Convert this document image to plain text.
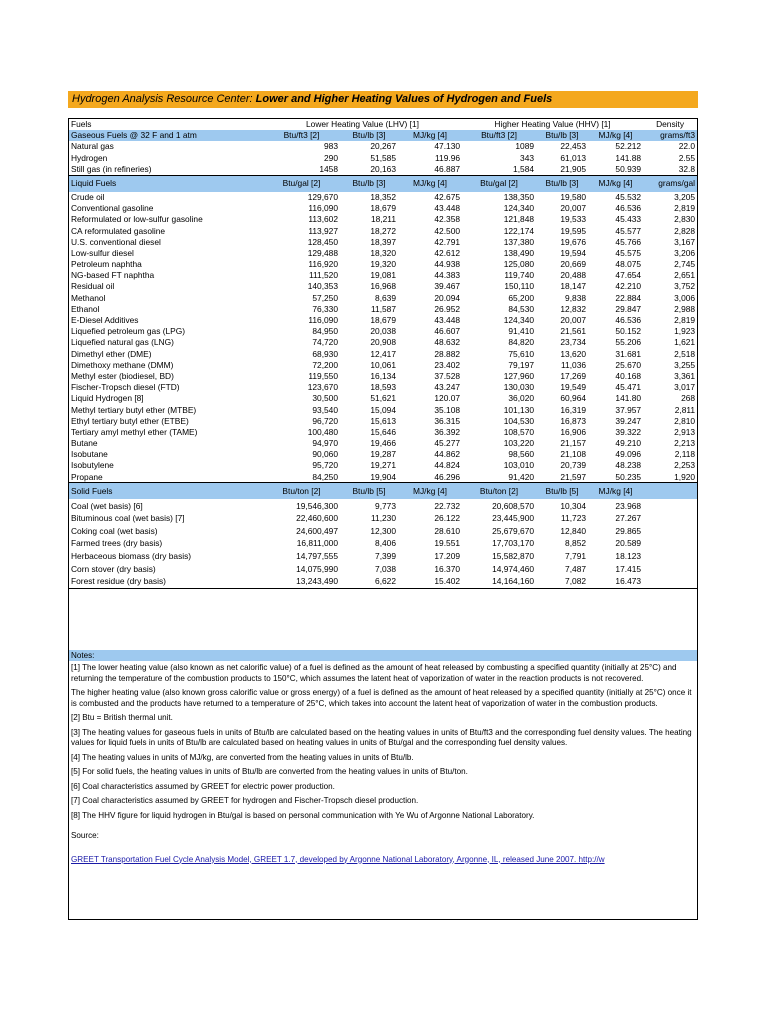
Hydrogen Analysis Resource Center: Lower and Higher Heating Values of Hydrogen and Fuels
Fuels	Lower Heating Value (LHV) [1]			Higher Heating Value (HHV) [1]			Density
Gaseous Fuels @ 32 F and 1 atm	Btu/ft3 [2]	Btu/lb [3]	MJ/kg [4]	Btu/ft3 [2]	Btu/lb [3]	MJ/kg [4]	grams/ft3
Natural gas	983	20,267	47.130	1089	22,453	52.212	22.0
Hydrogen	290	51,585	119.96	343	61,013	141.88	2.55
Still gas (in refineries)	1458	20,163	46.887	1,584	21,905	50.939	32.8
Liquid Fuels	Btu/gal [2]	Btu/lb [3]	MJ/kg [4]	Btu/gal [2]	Btu/lb [3]	MJ/kg [4]	grams/gal
Crude oil	129,670	18,352	42.675	138,350	19,580	45.532	3,205
Conventional gasoline	116,090	18,679	43.448	124,340	20,007	46.536	2,819
Reformulated or low-sulfur gasoline	113,602	18,211	42.358	121,848	19,533	45.433	2,830
CA reformulated gasoline	113,927	18,272	42.500	122,174	19,595	45.577	2,828
U.S. conventional diesel	128,450	18,397	42.791	137,380	19,676	45.766	3,167
Low-sulfur diesel	129,488	18,320	42.612	138,490	19,594	45.575	3,206
Petroleum naphtha	116,920	19,320	44.938	125,080	20,669	48.075	2,745
NG-based FT naphtha	111,520	19,081	44.383	119,740	20,488	47.654	2,651
Residual oil	140,353	16,968	39.467	150,110	18,147	42.210	3,752
Methanol	57,250	8,639	20.094	65,200	9,838	22.884	3,006
Ethanol	76,330	11,587	26.952	84,530	12,832	29.847	2,988
E-Diesel Additives	116,090	18,679	43.448	124,340	20,007	46.536	2,819
Liquefied petroleum gas (LPG)	84,950	20,038	46.607	91,410	21,561	50.152	1,923
Liquefied natural gas (LNG)	74,720	20,908	48.632	84,820	23,734	55.206	1,621
Dimethyl ether (DME)	68,930	12,417	28.882	75,610	13,620	31.681	2,518
Dimethoxy methane (DMM)	72,200	10,061	23.402	79,197	11,036	25.670	3,255
Methyl ester (biodiesel, BD)	119,550	16,134	37.528	127,960	17,269	40.168	3,361
Fischer-Tropsch diesel (FTD)	123,670	18,593	43.247	130,030	19,549	45.471	3,017
Liquid Hydrogen [8]	30,500	51,621	120.07	36,020	60,964	141.80	268
Methyl tertiary butyl ether (MTBE)	93,540	15,094	35.108	101,130	16,319	37.957	2,811
Ethyl tertiary butyl ether (ETBE)	96,720	15,613	36.315	104,530	16,873	39.247	2,810
Tertiary amyl methyl ether (TAME)	100,480	15,646	36.392	108,570	16,906	39.322	2,913
Butane	94,970	19,466	45.277	103,220	21,157	49.210	2,213
Isobutane	90,060	19,287	44.862	98,560	21,108	49.096	2,118
Isobutylene	95,720	19,271	44.824	103,010	20,739	48.238	2,253
Propane	84,250	19,904	46.296	91,420	21,597	50.235	1,920
Solid Fuels	Btu/ton [2]	Btu/lb [5]	MJ/kg [4]	Btu/ton [2]	Btu/lb [5]	MJ/kg [4]	
Coal (wet basis) [6]	19,546,300	9,773	22.732	20,608,570	10,304	23.968	
Bituminous coal (wet basis) [7]	22,460,600	11,230	26.122	23,445,900	11,723	27.267	
Coking coal (wet basis)	24,600,497	12,300	28.610	25,679,670	12,840	29.865	
Farmed trees (dry basis)	16,811,000	8,406	19.551	17,703,170	8,852	20.589	
Herbaceous biomass (dry basis)	14,797,555	7,399	17.209	15,582,870	7,791	18.123	
Corn stover (dry basis)	14,075,990	7,038	16.370	14,974,460	7,487	17.415	
Forest residue (dry basis)	13,243,490	6,622	15.402	14,164,160	7,082	16.473	
Notes:
[1] The lower heating value (also known as net calorific value) of a fuel is defined as the amount of heat released by combusting a specified quantity (initially at 25°C) and returning the temperature of the combustion products to 150°C, which assumes the latent heat of vaporization of water in the reaction products is not recovered.
The higher heating value (also known gross calorific value or gross energy) of a fuel is defined as the amount of heat released by a specified quantity (initially at 25°C) once it is combusted and the products have returned to a temperature of 25°C, which takes into account the latent heat of vaporization of water in the combustion products.
[2] Btu = British thermal unit.
[3] The heating values for gaseous fuels in units of Btu/lb are calculated based on the heating values in units of Btu/ft3 and the corresponding fuel density values. The heating values for liquid fuels in units of Btu/lb are calculated based on heating values in units of Btu/gal and the corresponding fuel density values.
[4] The heating values in units of MJ/kg, are converted from the heating values in units of Btu/lb.
[5] For solid fuels, the heating values in units of Btu/lb are converted from the heating values in units of Btu/ton.
[6] Coal characteristics assumed by GREET for electric power production.
[7] Coal characteristics assumed by GREET for hydrogen and Fischer-Tropsch diesel production.
[8] The HHV figure for liquid hydrogen in Btu/gal is based on personal communication with Ye Wu of Argonne National Laboratory.
Source:
GREET Transportation Fuel Cycle Analysis Model, GREET 1.7, developed by Argonne National Laboratory, Argonne, IL, released June 2007. http://w
